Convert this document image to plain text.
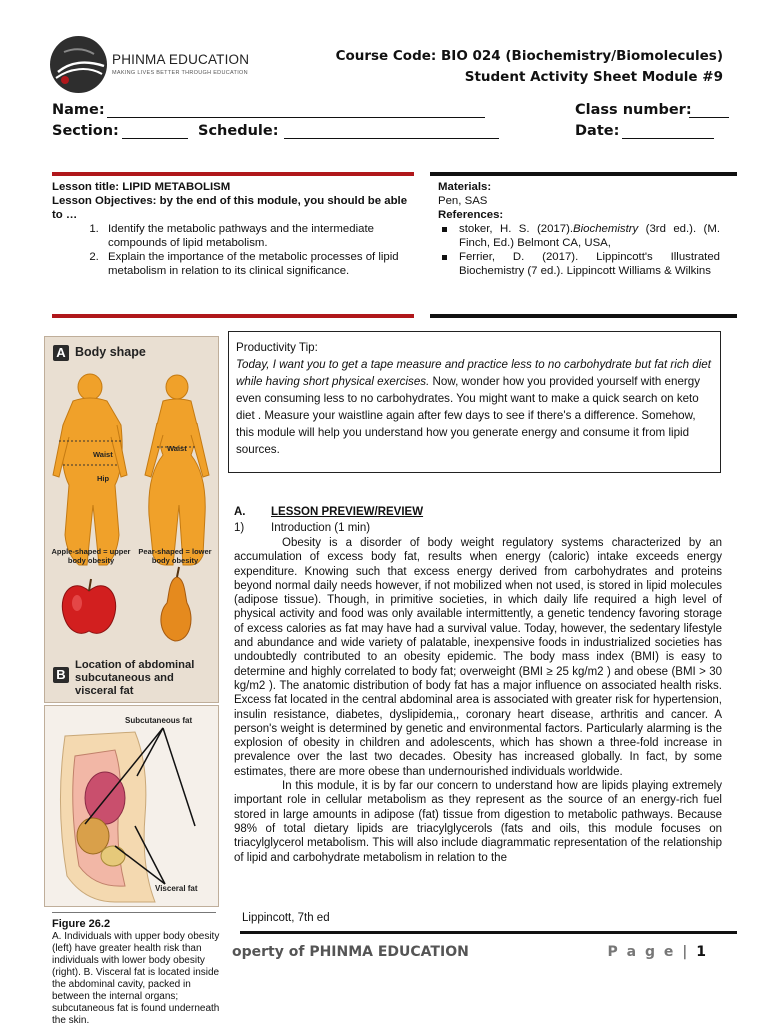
PHINMA EDUCATION
MAKING LIVES BETTER THROUGH EDUCATION
Course Code: BIO 024 (Biochemistry/Biomolecules)
Student Activity Sheet Module #9
Name:	Class number:
Section:	Schedule:	Date:
Lesson title: LIPID METABOLISM
Lesson Objectives: by the end of this module, you should be able to …
1. Identify the metabolic pathways and the intermediate compounds of lipid metabolism.
2. Explain the importance of the metabolic processes of lipid metabolism in relation to its clinical significance.
Materials:
Pen, SAS
References:
stoker, H. S. (2017).Biochemistry (3rd ed.). (M. Finch, Ed.) Belmont CA, USA,
Ferrier, D. (2017). Lippincott's Illustrated Biochemistry (7 ed.). Lippincott Williams & Wilkins
A Body shape
Waist
Hip
Waist
Apple-shaped = upper body obesity
Pear-shaped = lower body obesity
B
Location of abdominal subcutaneous and visceral fat
Subcutaneous fat
Visceral fat
Figure 26.2
A. Individuals with upper body obesity (left) have greater health risk than individuals with lower body obesity (right). B. Visceral fat is located inside the abdominal cavity, packed in between the internal organs; subcutaneous fat is found underneath the skin.
Productivity Tip:
Today, I want you to get a tape measure and practice less to no carbohydrate but fat rich diet while having short physical exercises. Now, wonder how you provided yourself with energy even consuming less to no carbohydrates. You might want to make a quick search on keto diet . Measure your waistline again after few days to see if there's a difference. Somehow, this module will help you understand how you generate energy and consume it from lipid sources.
A. LESSON PREVIEW/REVIEW
1) Introduction (1 min)

Obesity is a disorder of body weight regulatory systems characterized by an accumulation of excess body fat, results when energy (caloric) intake exceeds energy expenditure. Knowing such that excess energy derived from carbohydrates and proteins beyond normal daily needs however, if not mobilized when not used, is stored in lipid molecules (adipose tissue). Though, in primitive societies, in which daily life required a high level of physical activity and food was only available intermittently, a genetic tendency favoring storage of excess calories as fat may have had a survival value. Today, however, the sedentary lifestyle and abundance and wide variety of palatable, inexpensive foods in industrialized societies has undoubtedly contributed to an obesity epidemic. The body mass index (BMI) is easy to determine and highly correlated to body fat; overweight (BMI ≥ 25 kg/m2 ) and obese (BMI > 30 kg/m2 ). The anatomic distribution of body fat has a major influence on associated health risks. Excess fat located in the central abdominal area is associated with greater risk for hypertension, insulin resistance, diabetes, dyslipidemia,, coronary heart disease, arthritis and cancer. A person's weight is determined by genetic and environmental factors. Particularly alarming is the explosion of obesity in children and adolescents, which has shown a three-fold increase in prevalence over the last two decades. Obesity has increased globally. In fact, by some estimates, there are more obese than undernourished individuals worldwide.

In this module, it is by far our concern to understand how are lipids playing extremely important role in cellular metabolism as they represent as the source of an energy-rich fuel stored in large amounts in adipose (fat) tissue from digestion to metabolic pathways. Because 98% of total dietary lipids are triacylglycerols (fats and oils, this module focuses on triacylglycerol metabolism. This will also include diagrammatic representation of the relationship of lipid and carbohydrate metabolism in relation to the

Lippincott, 7th ed
operty of PHINMA EDUCATION	P a g e | 1
